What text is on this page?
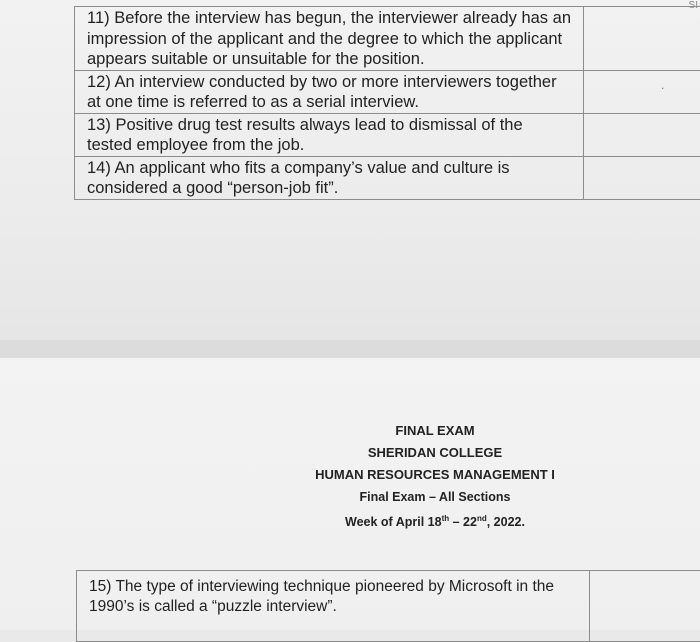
SI
11) Before the interview has begun, the interviewer already has an impression of the applicant and the degree to which the applicant appears suitable or unsuitable for the position.	
12) An interview conducted by two or more interviewers together at one time is referred to as a serial interview.	.

13) Positive drug test results always lead to dismissal of the tested employee from the job.	
14) An applicant who fits a company’s value and culture is considered a good “person-job fit”.	
FINAL EXAM
SHERIDAN COLLEGE
HUMAN RESOURCES MANAGEMENT I
Final Exam – All Sections
Week of April 18th – 22nd, 2022.
15) The type of interviewing technique pioneered by Microsoft in the 1990’s is called a “puzzle interview”.	
